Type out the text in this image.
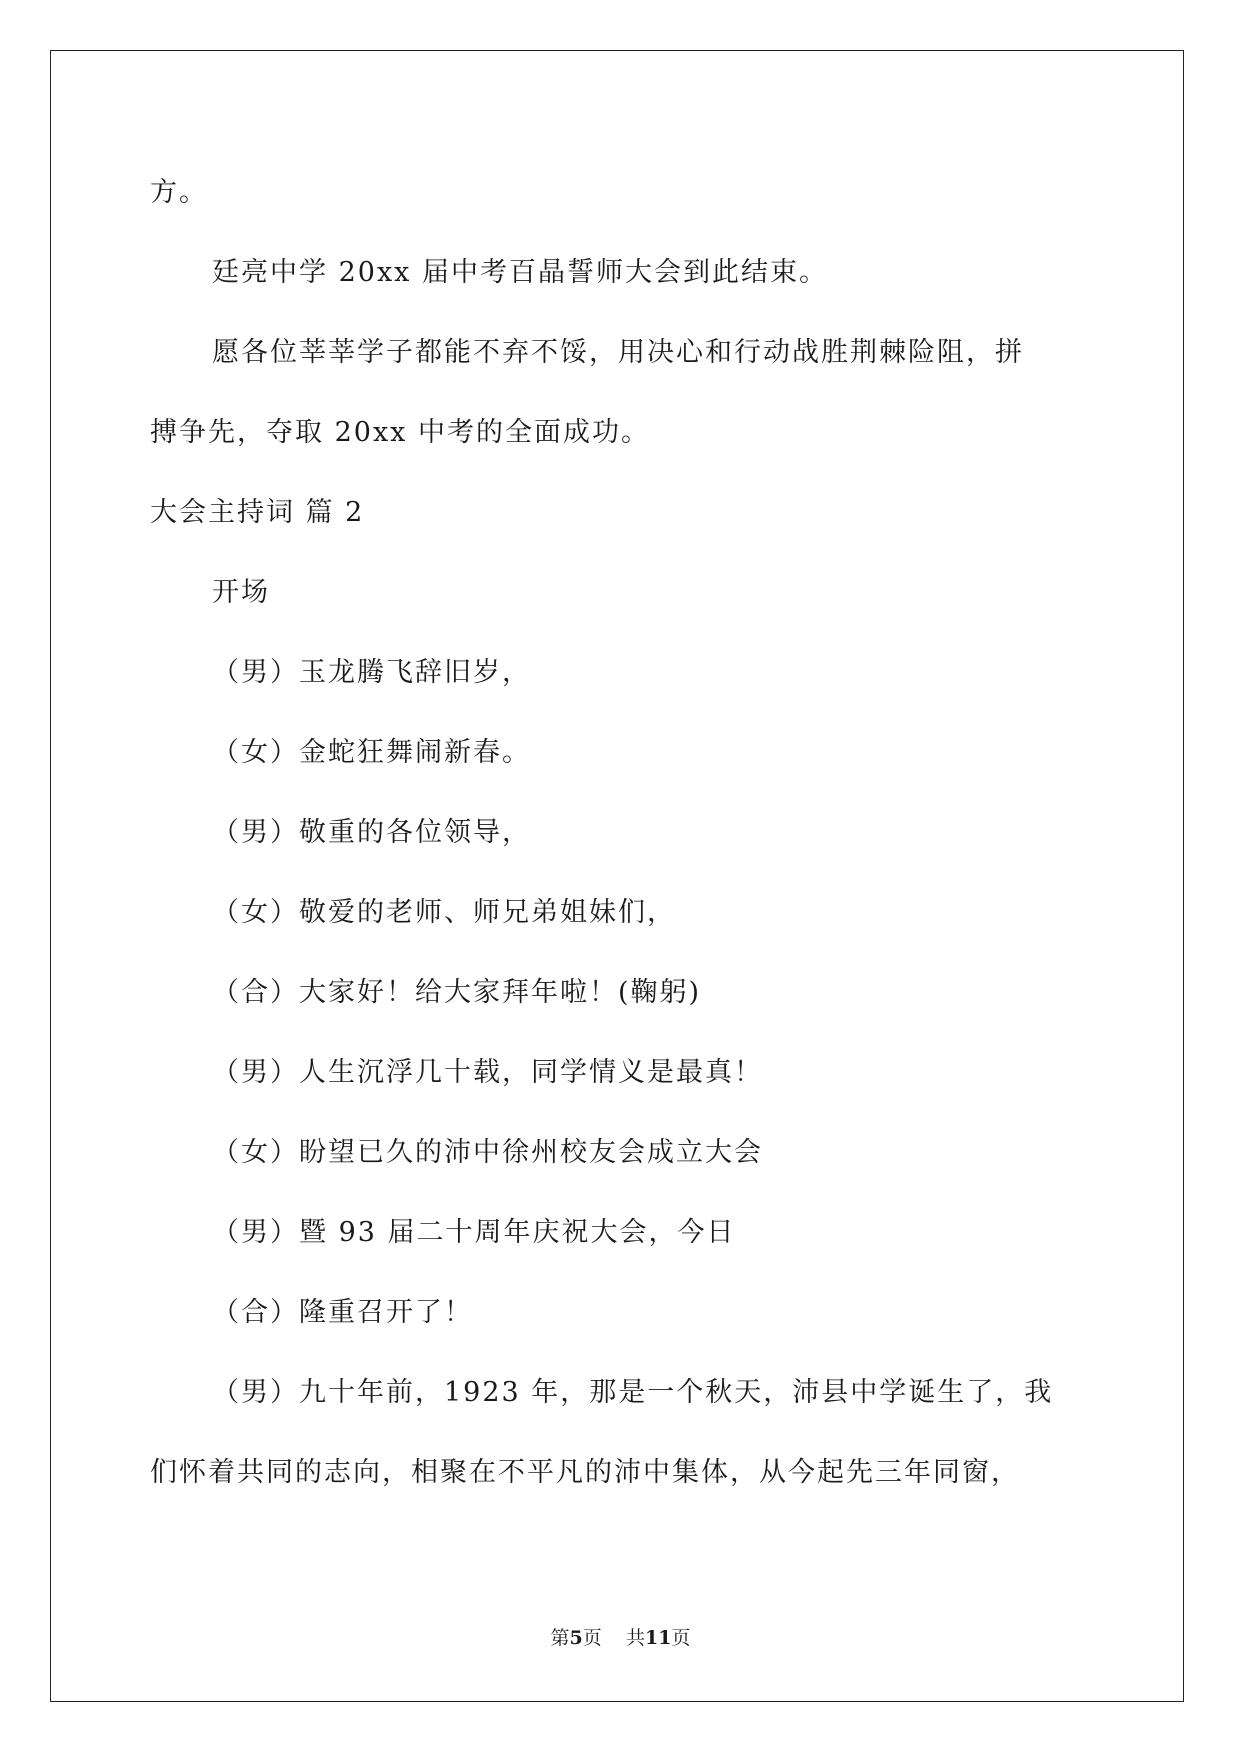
方。
廷亮中学 20xx 届中考百晶誓师大会到此结束。
愿各位莘莘学子都能不弃不馁，用决心和行动战胜荆棘险阻，拼
搏争先，夺取 20xx 中考的全面成功。
大会主持词 篇 2
开场
（男）玉龙腾飞辞旧岁，
（女）金蛇狂舞闹新春。
（男）敬重的各位领导，
（女）敬爱的老师、师兄弟姐妹们，
（合）大家好！给大家拜年啦！(鞠躬)
（男）人生沉浮几十载，同学情义是最真！
（女）盼望已久的沛中徐州校友会成立大会
（男）暨 93 届二十周年庆祝大会，今日
（合）隆重召开了！
（男）九十年前，1923 年，那是一个秋天，沛县中学诞生了，我
们怀着共同的志向，相聚在不平凡的沛中集体，从今起先三年同窗，
第5页 共11页
